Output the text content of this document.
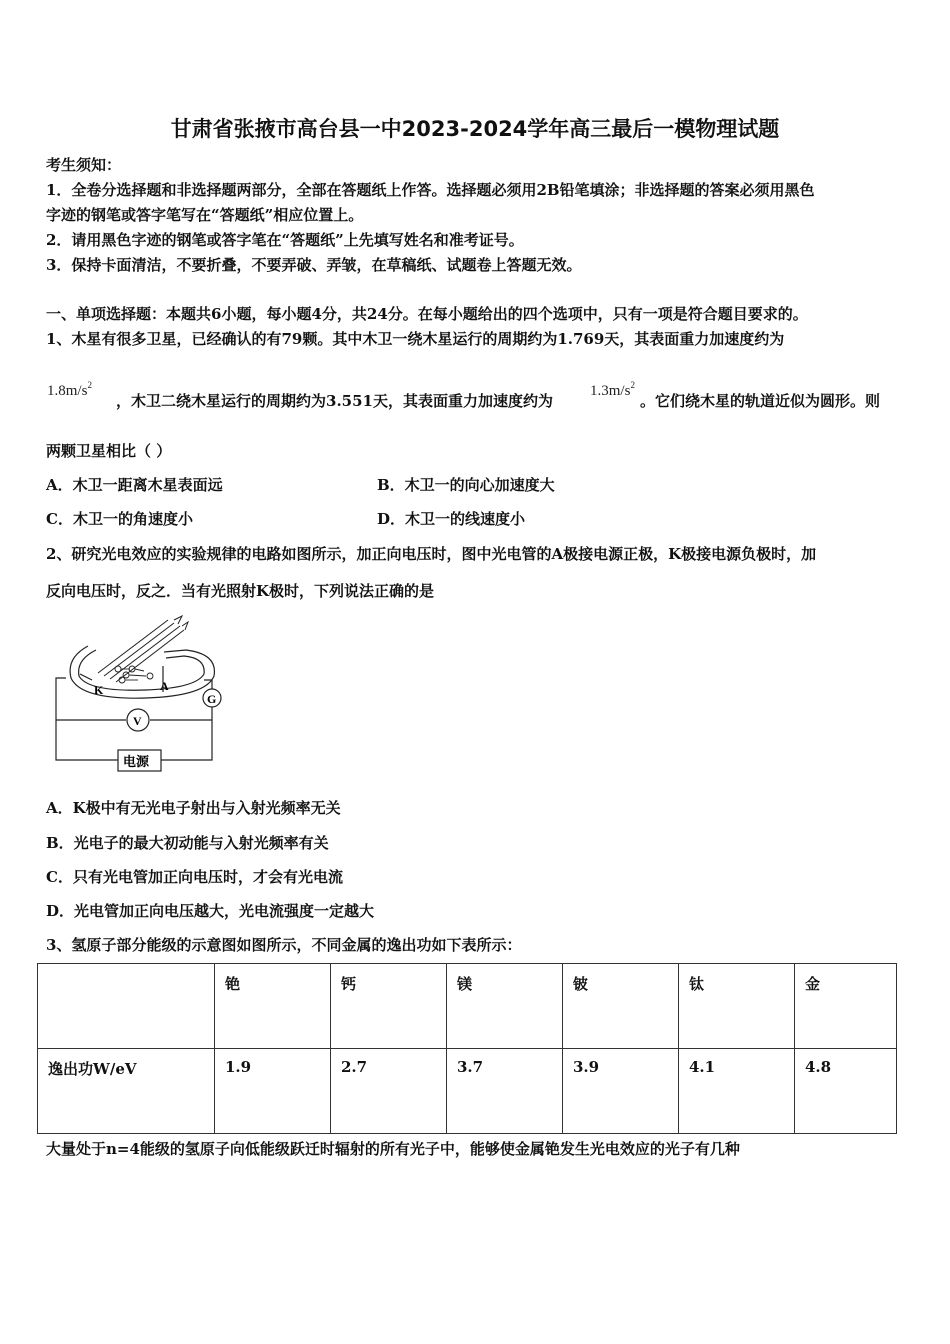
甘肃省张掖市高台县一中2023-2024学年高三最后一模物理试题
考生须知：
1．全卷分选择题和非选择题两部分，全部在答题纸上作答。选择题必须用2B铅笔填涂；非选择题的答案必须用黑色
字迹的钢笔或答字笔写在“答题纸”相应位置上。
2．请用黑色字迹的钢笔或答字笔在“答题纸”上先填写姓名和准考证号。
3．保持卡面清洁，不要折叠，不要弄破、弄皱，在草稿纸、试题卷上答题无效。
一、单项选择题：本题共6小题，每小题4分，共24分。在每小题给出的四个选项中，只有一项是符合题目要求的。
1、木星有很多卫星，已经确认的有79颗。其中木卫一绕木星运行的周期约为1.769天，其表面重力加速度约为
$1.8m/s^2$
，木卫二绕木星运行的周期约为3.551天，其表面重力加速度约为
$1.3m/s^2$
。它们绕木星的轨道近似为圆形。则
两颗卫星相比（ ）
A．木卫一距离木星表面远	B．木卫一的向心加速度大
C．木卫一的角速度小	D．木卫一的线速度小
2、研究光电效应的实验规律的电路如图所示，加正向电压时，图中光电管的A极接电源正极，K极接电源负极时，加
反向电压时，反之．当有光照射K极时，下列说法正确的是
K	A
G
V
电源
A．K极中有无光电子射出与入射光频率无关
B．光电子的最大初动能与入射光频率有关
C．只有光电管加正向电压时，才会有光电流
D．光电管加正向电压越大，光电流强度一定越大
3、氢原子部分能级的示意图如图所示，不同金属的逸出功如下表所示：
	铯	钙	镁	铍	钛	金
逸出功W/eV	1.9	2.7	3.7	3.9	4.1	4.8
大量处于n=4能级的氢原子向低能级跃迁时辐射的所有光子中，能够使金属铯发生光电效应的光子有几种
